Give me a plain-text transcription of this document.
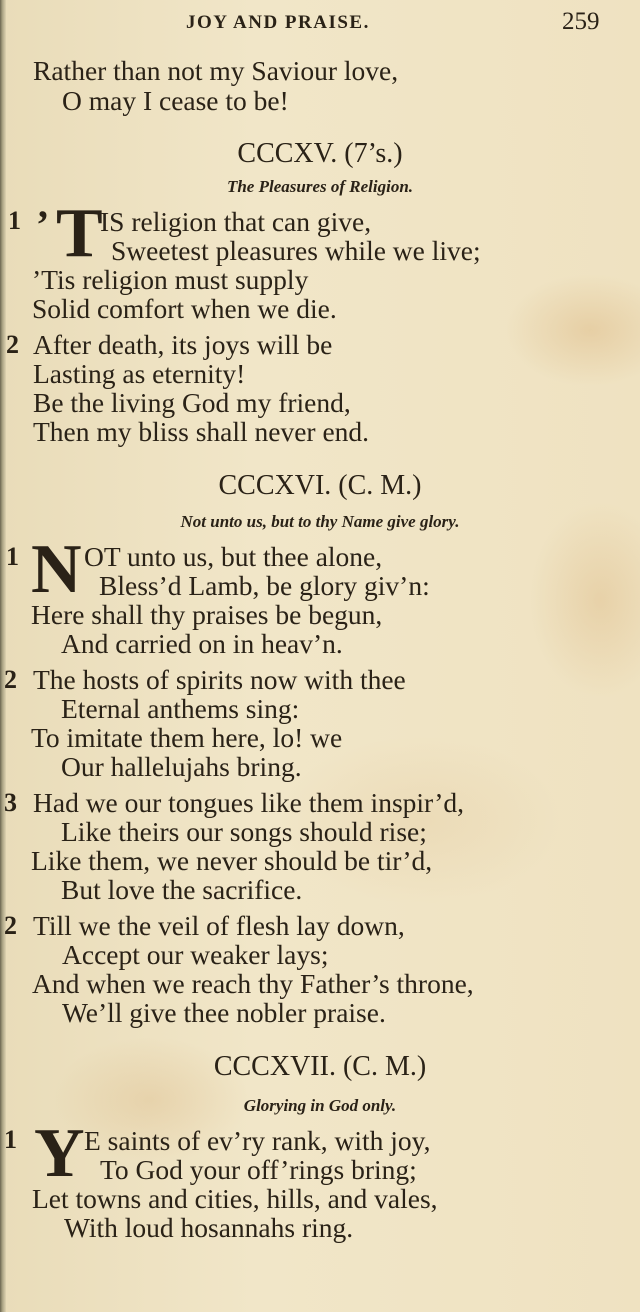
JOY AND PRAISE.	259
Rather than not my Saviour love,
O may I cease to be!
CCCXV. (7’s.)
The Pleasures of Religion.
1 ’ T
IS religion that can give,
Sweetest pleasures while we live;
’Tis religion must supply
Solid comfort when we die.
2 After death, its joys will be
Lasting as eternity!
Be the living God my friend,
Then my bliss shall never end.
CCCXVI. (C. M.)
Not unto us, but to thy Name give glory.
1 N OT unto us, but thee alone,
Bless’d Lamb, be glory giv’n:
Here shall thy praises be begun,
And carried on in heav’n.
2 The hosts of spirits now with thee
Eternal anthems sing:
To imitate them here, lo! we
Our hallelujahs bring.
3 Had we our tongues like them inspir’d,
Like theirs our songs should rise;
Like them, we never should be tir’d,
But love the sacrifice.
2 Till we the veil of flesh lay down,
Accept our weaker lays;
And when we reach thy Father’s throne,
We’ll give thee nobler praise.
CCCXVII. (C. M.)
Glorying in God only.
1 Y E saints of ev’ry rank, with joy,
To God your off’rings bring;
Let towns and cities, hills, and vales,
With loud hosannahs ring.
